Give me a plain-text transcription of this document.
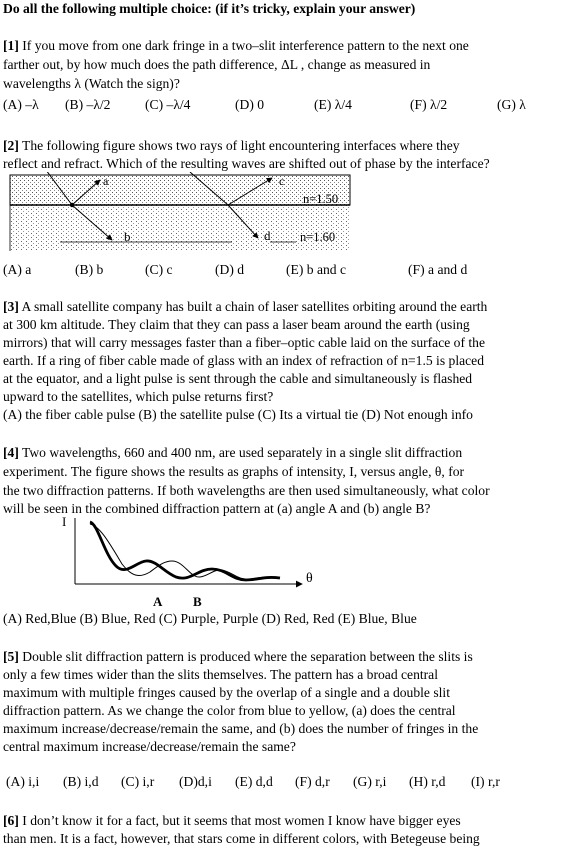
Do all the following multiple choice: (if it’s tricky, explain your answer)
[1] If you move from one dark fringe in a two–slit interference pattern to the next one
farther out, by how much does the path difference, ΔL , change as measured in
wavelengths λ (Watch the sign)?
(A) –λ (B) –λ/2	(C) –λ/4	(D) 0	(E) λ/4	(F) λ/2	(G) λ
[2] The following figure shows two rays of light encountering interfaces where they
reflect and refract. Which of the resulting waves are shifted out of phase by the interface?
a
b
c
d
n=1.50
n=1.60
(A) a	(B) b	(C) c	(D) d	(E) b and c	(F) a and d
[3] A small satellite company has built a chain of laser satellites orbiting around the earth
at 300 km altitude. They claim that they can pass a laser beam around the earth (using
mirrors) that will carry messages faster than a fiber–optic cable laid on the surface of the
earth. If a ring of fiber cable made of glass with an index of refraction of n=1.5 is placed
at the equator, and a light pulse is sent through the cable and simultaneously is flashed
upward to the satellites, which pulse returns first?
(A) the fiber cable pulse (B) the satellite pulse (C) Its a virtual tie (D) Not enough info
[4] Two wavelengths, 660 and 400 nm, are used separately in a single slit diffraction
experiment. The figure shows the results as graphs of intensity, I, versus angle, θ, for
the two diffraction patterns. If both wavelengths are then used simultaneously, what color
will be seen in the combined diffraction pattern at (a) angle A and (b) angle B?
I
θ
A B
(A) Red,Blue (B) Blue, Red (C) Purple, Purple (D) Red, Red (E) Blue, Blue
[5] Double slit diffraction pattern is produced where the separation between the slits is
only a few times wider than the slits themselves. The pattern has a broad central
maximum with multiple fringes caused by the overlap of a single and a double slit
diffraction pattern. As we change the color from blue to yellow, (a) does the central
maximum increase/decrease/remain the same, and (b) does the number of fringes in the
central maximum increase/decrease/remain the same?
(A) i,i (B) i,d (C) i,r (D)d,i (E) d,d (F) d,r (G) r,i (H) r,d (I) r,r
[6] I don’t know it for a fact, but it seems that most women I know have bigger eyes
than men. It is a fact, however, that stars come in different colors, with Betegeuse being
